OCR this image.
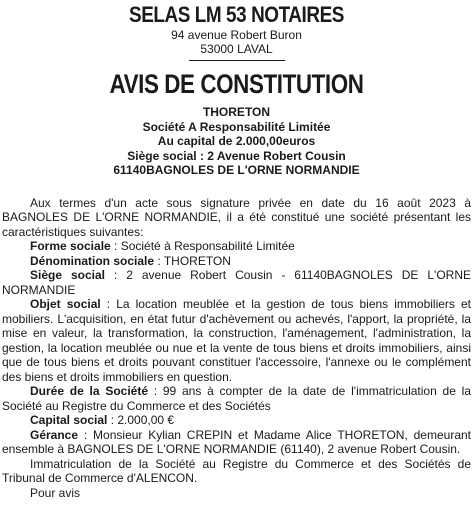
SELAS LM 53 NOTAIRES
94 avenue Robert Buron
53000 LAVAL
AVIS DE CONSTITUTION
THORETON
Société A Responsabilité Limitée
Au capital de 2.000,00euros
Siège social : 2 Avenue Robert Cousin
61140BAGNOLES DE L'ORNE NORMANDIE

Aux termes d'un acte sous signature privée en date du 16 août 2023 à BAGNOLES DE L'ORNE NORMANDIE, il a été constitué une société présentant les caractéristiques suivantes:

Forme sociale : Société à Responsabilité Limitée

Dénomination sociale : THORETON

Siège social : 2 avenue Robert Cousin - 61140BAGNOLES DE L'ORNE NORMANDIE

Objet social : La location meublée et la gestion de tous biens immobiliers et mobiliers. L'acquisition, en état futur d'achèvement ou achevés, l'apport, la propriété, la mise en valeur, la transformation, la construction, l'aménagement, l'administration, la gestion, la location meublée ou nue et la vente de tous biens et droits immobiliers, ainsi que de tous biens et droits pouvant constituer l'accessoire, l'annexe ou le complément des biens et droits immobiliers en question.

Durée de la Société : 99 ans à compter de la date de l'immatriculation de la Société au Registre du Commerce et des Sociétés

Capital social : 2.000,00 €

Gérance : Monsieur Kylian CREPIN et Madame Alice THORETON, demeurant ensemble à BAGNOLES DE L'ORNE NORMANDIE (61140), 2 avenue Robert Cousin.

Immatriculation de la Société au Registre du Commerce et des Sociétés de Tribunal de Commerce d'ALENCON.

Pour avis
